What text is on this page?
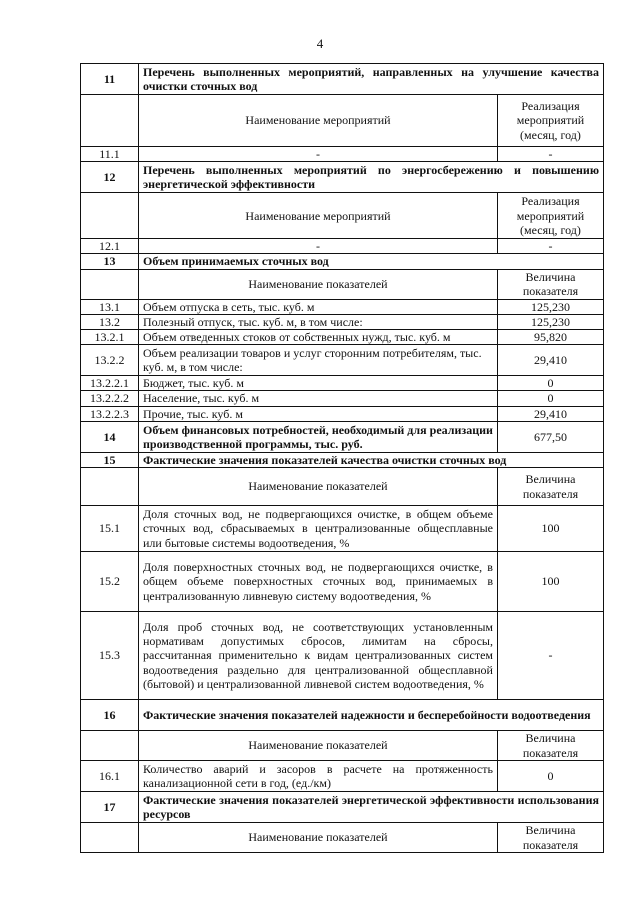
4
11	Перечень выполненных мероприятий, направленных на улучшение качества очистки сточных вод	
	Наименование мероприятий	Реализация мероприятий (месяц, год)
11.1	-	-
12	Перечень выполненных мероприятий по энергосбережению и повышению энергетической эффективности	
	Наименование мероприятий	Реализация мероприятий (месяц, год)
12.1	-	-
13	Объем принимаемых сточных вод	
	Наименование показателей	Величина показателя
13.1	Объем отпуска в сеть, тыс. куб. м	125,230
13.2	Полезный отпуск, тыс. куб. м, в том числе:	125,230
13.2.1	Объем отведенных стоков от собственных нужд, тыс. куб. м	95,820
13.2.2	Объем реализации товаров и услуг сторонним потребителям, тыс. куб. м, в том числе:	29,410
13.2.2.1	Бюджет, тыс. куб. м	0
13.2.2.2	Население, тыс. куб. м	0
13.2.2.3	Прочие, тыс. куб. м	29,410
14	Объем финансовых потребностей, необходимый для реализации производственной программы, тыс. руб.	677,50
15	Фактические значения показателей качества очистки сточных вод	
	Наименование показателей	Величина показателя
15.1	Доля сточных вод, не подвергающихся очистке, в общем объеме сточных вод, сбрасываемых в централизованные общесплавные или бытовые системы водоотведения, %	100
15.2	Доля поверхностных сточных вод, не подвергающихся очистке, в общем объеме поверхностных сточных вод, принимаемых в централизованную ливневую систему водоотведения, %	100
15.3	Доля проб сточных вод, не соответствующих установленным нормативам допустимых сбросов, лимитам на сбросы, рассчитанная применительно к видам централизованных систем водоотведения раздельно для централизованной общесплавной (бытовой) и централизованной ливневой систем водоотведения, %	-
16	Фактические значения показателей надежности и бесперебойности водоотведения	
	Наименование показателей	Величина показателя
16.1	Количество аварий и засоров в расчете на протяженность канализационной сети в год, (ед./км)	0
17	Фактические значения показателей энергетической эффективности использования ресурсов	
	Наименование показателей	Величина показателя
